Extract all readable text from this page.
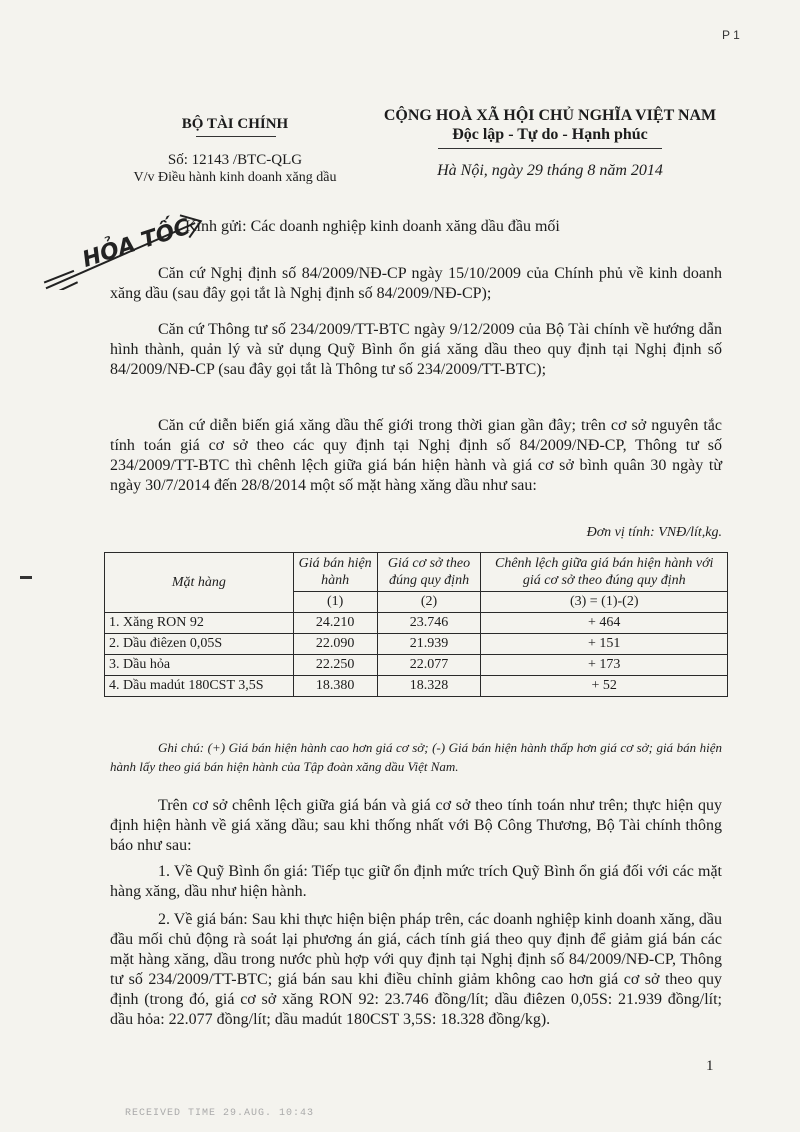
P 1
BỘ TÀI CHÍNH
Số: 12143 /BTC-QLG
V/v Điều hành kinh doanh xăng dầu
CỘNG HOÀ XÃ HỘI CHỦ NGHĨA VIỆT NAM
Độc lập - Tự do - Hạnh phúc
Hà Nội, ngày 29 tháng 8 năm 2014
HỎA TỐC
Kính gửi: Các doanh nghiệp kinh doanh xăng dầu đầu mối

Căn cứ Nghị định số 84/2009/NĐ-CP ngày 15/10/2009 của Chính phủ về kinh doanh xăng dầu (sau đây gọi tắt là Nghị định số 84/2009/NĐ-CP);

Căn cứ Thông tư số 234/2009/TT-BTC ngày 9/12/2009 của Bộ Tài chính về hướng dẫn hình thành, quản lý và sử dụng Quỹ Bình ổn giá xăng dầu theo quy định tại Nghị định số 84/2009/NĐ-CP (sau đây gọi tắt là Thông tư số 234/2009/TT-BTC);

Căn cứ diễn biến giá xăng dầu thế giới trong thời gian gần đây; trên cơ sở nguyên tắc tính toán giá cơ sở theo các quy định tại Nghị định số 84/2009/NĐ-CP, Thông tư số 234/2009/TT-BTC thì chênh lệch giữa giá bán hiện hành và giá cơ sở bình quân 30 ngày từ ngày 30/7/2014 đến 28/8/2014 một số mặt hàng xăng dầu như sau:

Đơn vị tính: VNĐ/lít,kg.
Mặt hàng	Giá bán hiện hành	Giá cơ sở theo đúng quy định	Chênh lệch giữa giá bán hiện hành với giá cơ sở theo đúng quy định
	(1)	(2)	(3) = (1)-(2)
1. Xăng RON 92	24.210	23.746	+ 464
2. Dầu điêzen 0,05S	22.090	21.939	+ 151
3. Dầu hỏa	22.250	22.077	+ 173
4. Dầu madút 180CST 3,5S	18.380	18.328	+ 52
Ghi chú: (+) Giá bán hiện hành cao hơn giá cơ sở; (-) Giá bán hiện hành thấp hơn giá cơ sở; giá bán hiện hành lấy theo giá bán hiện hành của Tập đoàn xăng dầu Việt Nam.

Trên cơ sở chênh lệch giữa giá bán và giá cơ sở theo tính toán như trên; thực hiện quy định hiện hành về giá xăng dầu; sau khi thống nhất với Bộ Công Thương, Bộ Tài chính thông báo như sau:

1. Về Quỹ Bình ổn giá: Tiếp tục giữ ổn định mức trích Quỹ Bình ổn giá đối với các mặt hàng xăng, dầu như hiện hành.

2. Về giá bán: Sau khi thực hiện biện pháp trên, các doanh nghiệp kinh doanh xăng, dầu đầu mối chủ động rà soát lại phương án giá, cách tính giá theo quy định để giảm giá bán các mặt hàng xăng, dầu trong nước phù hợp với quy định tại Nghị định số 84/2009/NĐ-CP, Thông tư số 234/2009/TT-BTC; giá bán sau khi điều chỉnh giảm không cao hơn giá cơ sở theo quy định (trong đó, giá cơ sở xăng RON 92: 23.746 đồng/lít; dầu điêzen 0,05S: 21.939 đồng/lít; dầu hỏa: 22.077 đồng/lít; dầu madút 180CST 3,5S: 18.328 đồng/kg).

1
RECEIVED TIME 29.AUG. 10:43
